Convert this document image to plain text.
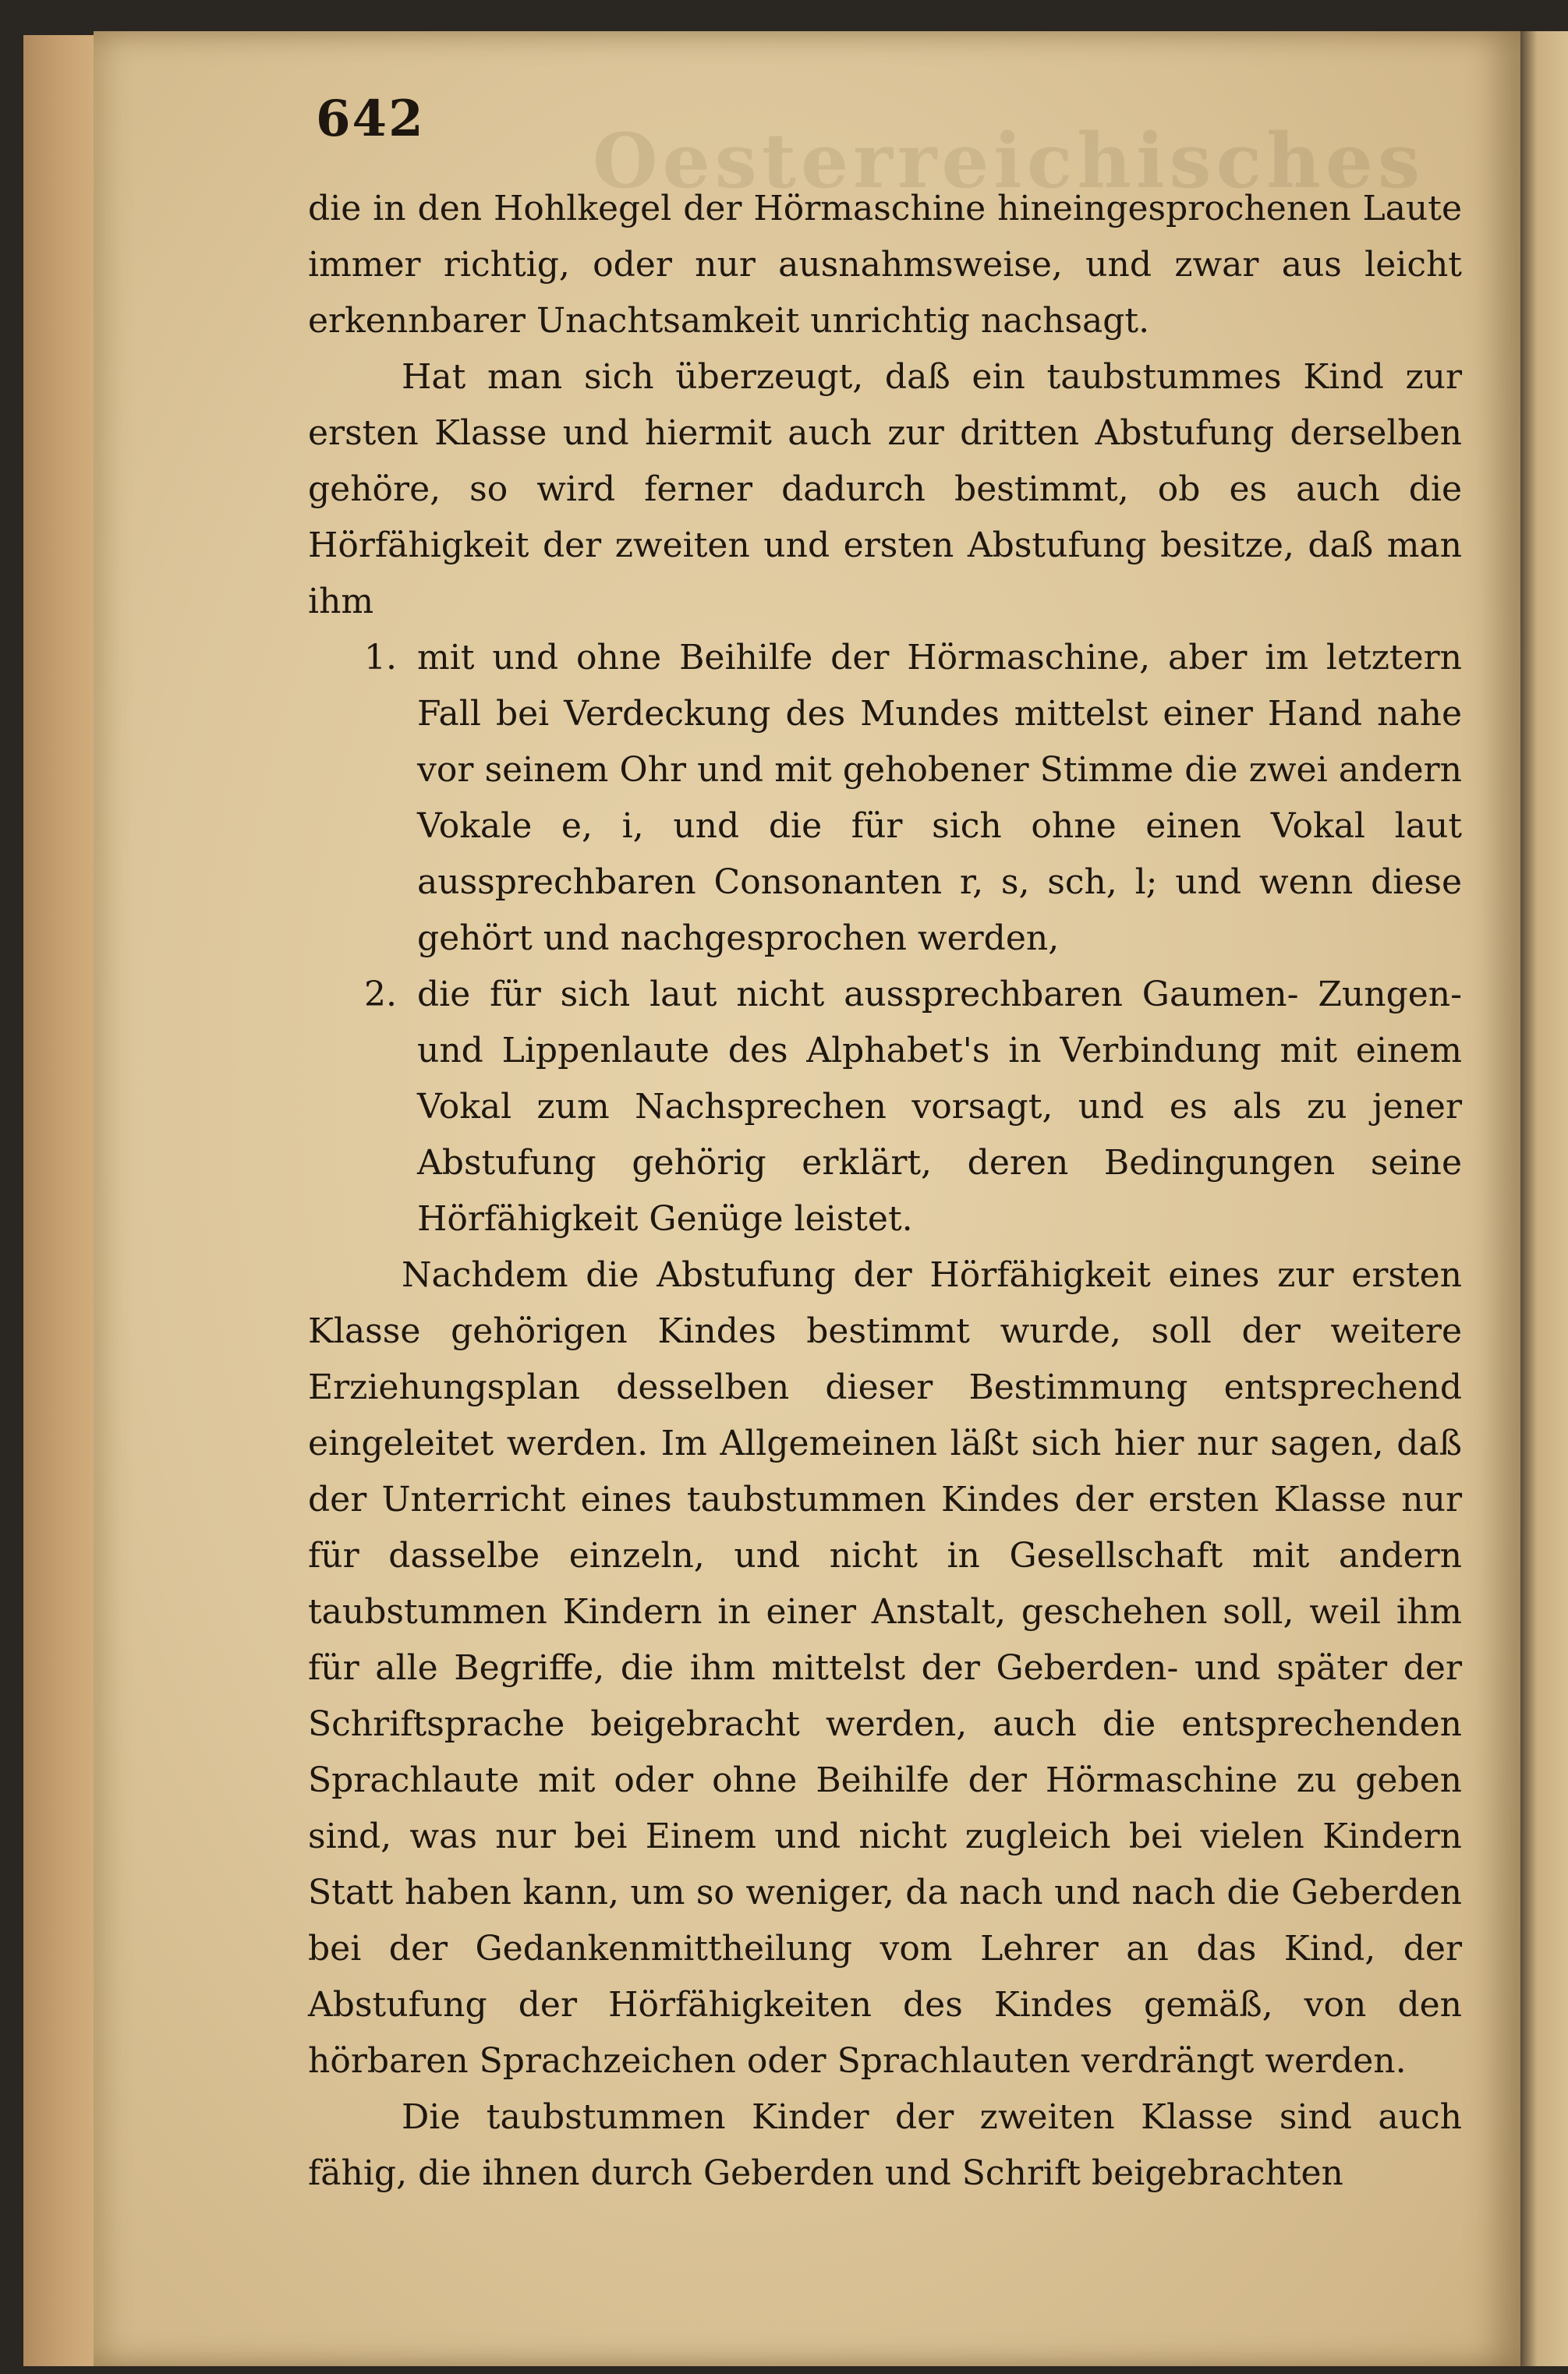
Oesterreichisches
642

die in den Hohlkegel der Hörmaschine hineingesprochenen Laute immer richtig, oder nur ausnahmsweise, und zwar aus leicht erkennbarer Unachtsamkeit unrichtig nachsagt.

Hat man sich überzeugt, daß ein taubstummes Kind zur ersten Klasse und hiermit auch zur dritten Abstufung derselben gehöre, so wird ferner dadurch bestimmt, ob es auch die Hörfähigkeit der zweiten und ersten Abstufung besitze, daß man ihm

1. mit und ohne Beihilfe der Hörmaschine, aber im letztern Fall bei Verdeckung des Mundes mittelst einer Hand nahe vor seinem Ohr und mit gehobener Stimme die zwei andern Vokale e, i, und die für sich ohne einen Vokal laut aussprechbaren Consonanten r, s, sch, l; und wenn diese gehört und nachgesprochen werden,
2. die für sich laut nicht aussprechbaren Gaumen- Zungen- und Lippenlaute des Alphabet's in Verbindung mit einem Vokal zum Nachsprechen vorsagt, und es als zu jener Abstufung gehörig erklärt, deren Bedingungen seine Hörfähigkeit Genüge leistet.

Nachdem die Abstufung der Hörfähigkeit eines zur ersten Klasse gehörigen Kindes bestimmt wurde, soll der weitere Erziehungsplan desselben dieser Bestimmung entsprechend eingeleitet werden. Im Allgemeinen läßt sich hier nur sagen, daß der Unterricht eines taubstummen Kindes der ersten Klasse nur für dasselbe einzeln, und nicht in Gesellschaft mit andern taubstummen Kindern in einer Anstalt, geschehen soll, weil ihm für alle Begriffe, die ihm mittelst der Geberden- und später der Schriftsprache beigebracht werden, auch die entsprechenden Sprachlaute mit oder ohne Beihilfe der Hörmaschine zu geben sind, was nur bei Einem und nicht zugleich bei vielen Kindern Statt haben kann, um so weniger, da nach und nach die Geberden bei der Gedankenmittheilung vom Lehrer an das Kind, der Abstufung der Hörfähigkeiten des Kindes gemäß, von den hörbaren Sprachzeichen oder Sprachlauten verdrängt werden.

Die taubstummen Kinder der zweiten Klasse sind auch fähig, die ihnen durch Geberden und Schrift beigebrachten
